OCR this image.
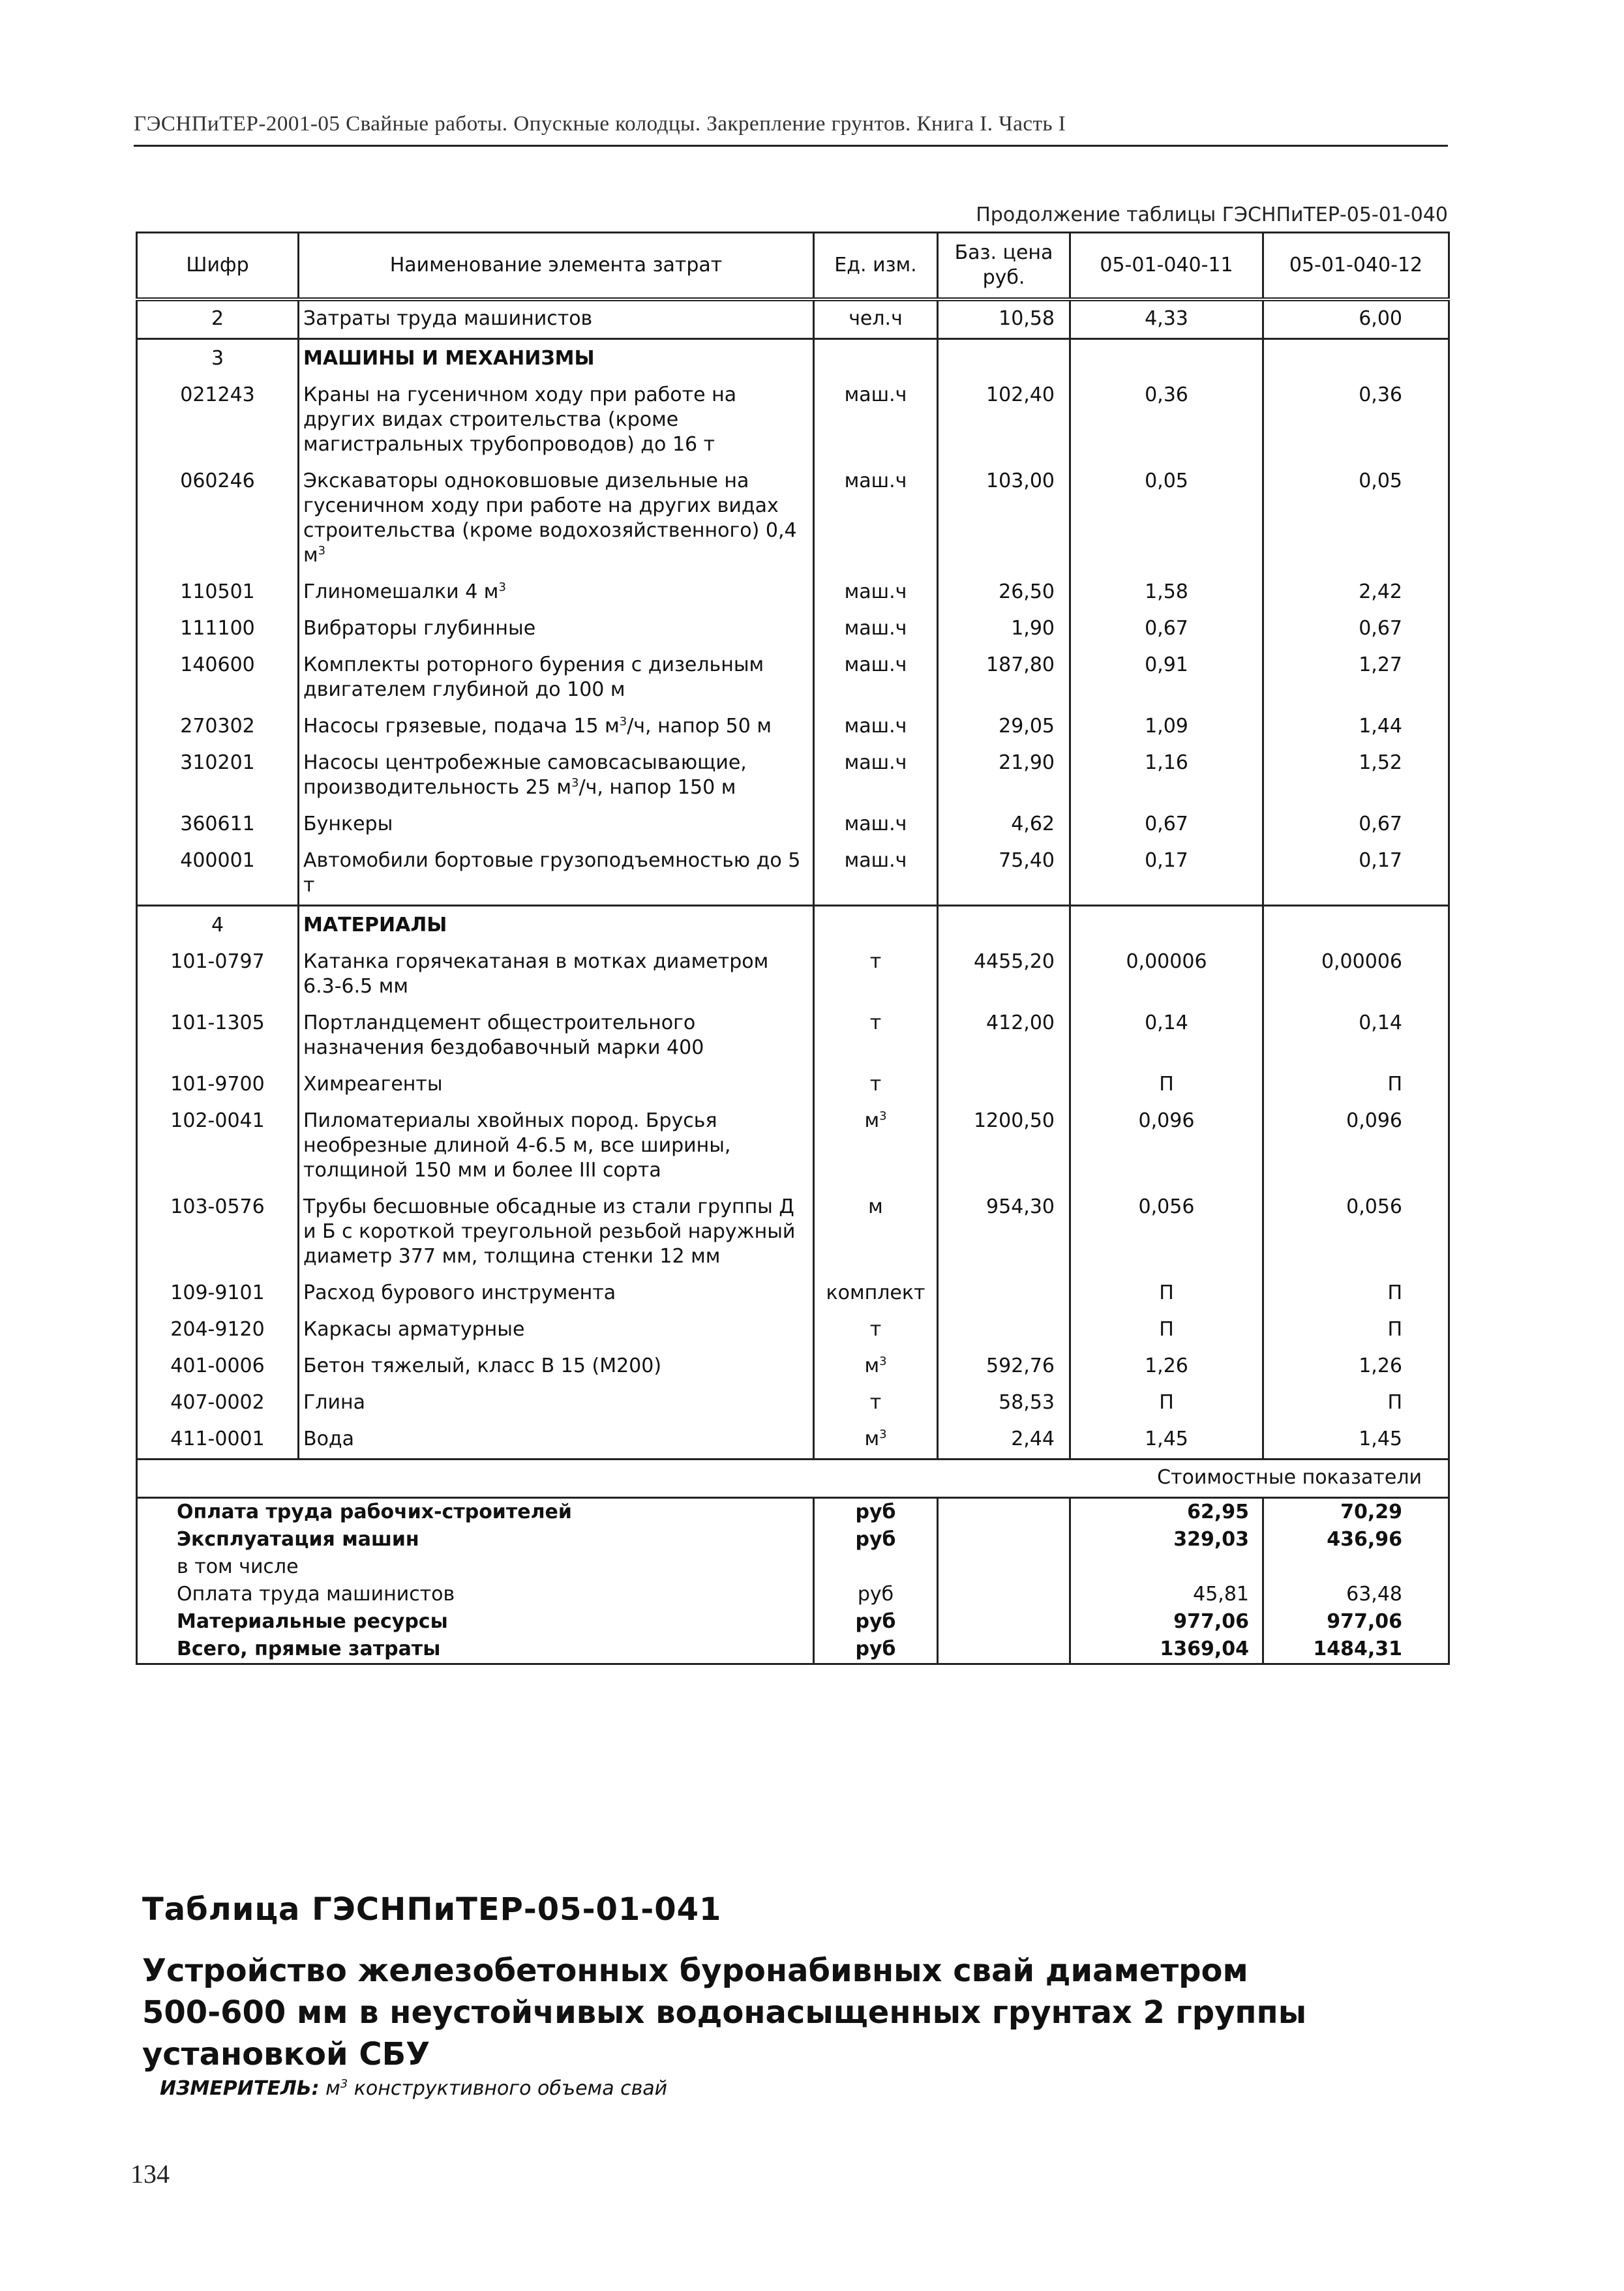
ГЭСНПиТЕР-2001-05 Свайные работы. Опускные колодцы. Закрепление грунтов. Книга I. Часть I
Продолжение таблицы ГЭСНПиТЕР-05-01-040
Шифр	Наименование элемента затрат	Ед. изм.	Баз. цена руб.	05-01-040-11	05-01-040-12
2	Затраты труда машинистов	чел.ч	10,58	4,33	6,00
3	МАШИНЫ И МЕХАНИЗМЫ				
021243	Краны на гусеничном ходу при работе на других видах строительства (кроме магистральных трубопроводов) до 16 т	маш.ч	102,40	0,36	0,36
060246	Экскаваторы одноковшовые дизельные на гусеничном ходу при работе на других видах строительства (кроме водохозяйственного) 0,4 $м^3$	маш.ч	103,00	0,05	0,05
110501	Глиномешалки 4 $м^3$	маш.ч	26,50	1,58	2,42
111100	Вибраторы глубинные	маш.ч	1,90	0,67	0,67
140600	Комплекты роторного бурения с дизельным двигателем глубиной до 100 м	маш.ч	187,80	0,91	1,27
270302	Насосы грязевые, подача 15 $м^3/ч$, напор 50 м	маш.ч	29,05	1,09	1,44
310201	Насосы центробежные самовсасывающие, производительность 25 $м^3/ч$, напор 150 м	маш.ч	21,90	1,16	1,52
360611	Бункеры	маш.ч	4,62	0,67	0,67
400001	Автомобили бортовые грузоподъемностью до 5 т	маш.ч	75,40	0,17	0,17
4	МАТЕРИАЛЫ				
101-0797	Катанка горячекатаная в мотках диаметром 6.3-6.5 мм	т	4455,20	0,00006	0,00006
101-1305	Портландцемент общестроительного назначения бездобавочный марки 400	т	412,00	0,14	0,14
101-9700	Химреагенты	т		П	П
102-0041	Пиломатериалы хвойных пород. Брусья необрезные длиной 4-6.5 м, все ширины, толщиной 150 мм и более III сорта	$м^3$	1200,50	0,096	0,096
103-0576	Трубы бесшовные обсадные из стали группы Д и Б с короткой треугольной резьбой наружный диаметр 377 мм, толщина стенки 12 мм	м	954,30	0,056	0,056
109-9101	Расход бурового инструмента	комплект		П	П
204-9120	Каркасы арматурные	т		П	П
401-0006	Бетон тяжелый, класс В 15 (М200)	$м^3$	592,76	1,26	1,26
407-0002	Глина	т	58,53	П	П
411-0001	Вода	$м^3$	2,44	1,45	1,45
				Стоимостные показатели	
Оплата труда рабочих-строителей		руб		62,95	70,29
Эксплуатация машин		руб		329,03	436,96
в том числе					
Оплата труда машинистов		руб		45,81	63,48
Материальные ресурсы		руб		977,06	977,06
Всего, прямые затраты		руб		1369,04	1484,31
Таблица ГЭСНПиТЕР-05-01-041
Устройство железобетонных буронабивных свай диаметром 500-600 мм в неустойчивых водонасыщенных грунтах 2 группы установкой СБУ
ИЗМЕРИТЕЛЬ: $м^3$ конструктивного объема свай
134
